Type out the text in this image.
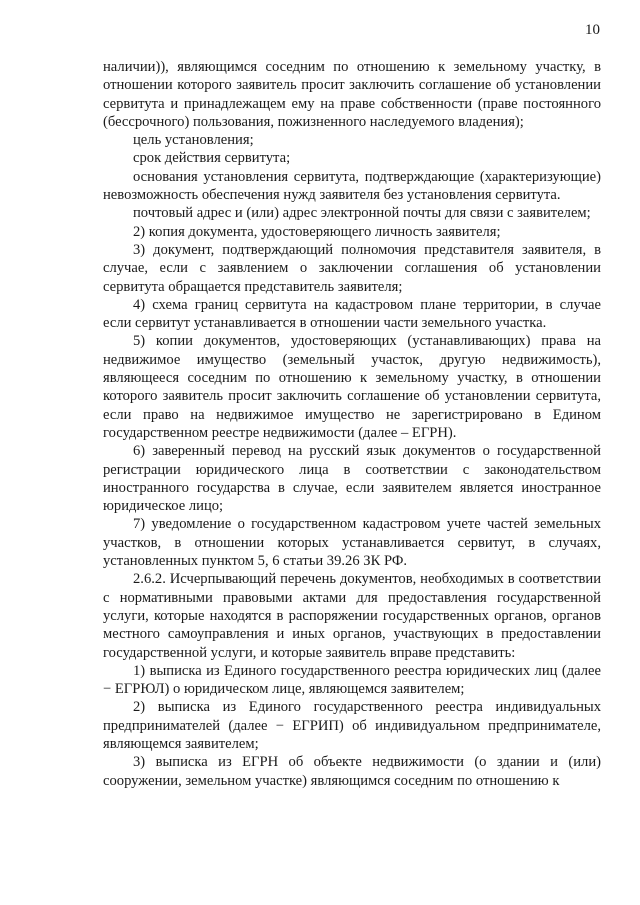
10

наличии)), являющимся соседним по отношению к земельному участку, в отношении которого заявитель просит заключить соглашение об установлении сервитута и принадлежащем ему на праве собственности (праве постоянного (бессрочного) пользования, пожизненного наследуемого владения);

цель установления;

срок действия сервитута;

основания установления сервитута, подтверждающие (характеризующие) невозможность обеспечения нужд заявителя без установления сервитута.

почтовый адрес и (или) адрес электронной почты для связи с заявителем;

2) копия документа, удостоверяющего личность заявителя;

3) документ, подтверждающий полномочия представителя заявителя, в случае, если с заявлением о заключении соглашения об установлении сервитута обращается представитель заявителя;

4) схема границ сервитута на кадастровом плане территории, в случае если сервитут устанавливается в отношении части земельного участка.

5) копии документов, удостоверяющих (устанавливающих) права на недвижимое имущество (земельный участок, другую недвижимость), являющееся соседним по отношению к земельному участку, в отношении которого заявитель просит заключить соглашение об установлении сервитута, если право на недвижимое имущество не зарегистрировано в Едином государственном реестре недвижимости (далее – ЕГРН).

6) заверенный перевод на русский язык документов о государственной регистрации юридического лица в соответствии с законодательством иностранного государства в случае, если заявителем является иностранное юридическое лицо;

7) уведомление о государственном кадастровом учете частей земельных участков, в отношении которых устанавливается сервитут, в случаях, установленных пунктом 5, 6 статьи 39.26 ЗК РФ.

2.6.2. Исчерпывающий перечень документов, необходимых в соответствии с нормативными правовыми актами для предоставления государственной услуги, которые находятся в распоряжении государственных органов, органов местного самоуправления и иных органов, участвующих в предоставлении государственной услуги, и которые заявитель вправе представить:

1) выписка из Единого государственного реестра юридических лиц (далее − ЕГРЮЛ) о юридическом лице, являющемся заявителем;

2) выписка из Единого государственного реестра индивидуальных предпринимателей (далее − ЕГРИП) об индивидуальном предпринимателе, являющемся заявителем;

3) выписка из ЕГРН об объекте недвижимости (о здании и (или) сооружении, земельном участке) являющимся соседним по отношению к
